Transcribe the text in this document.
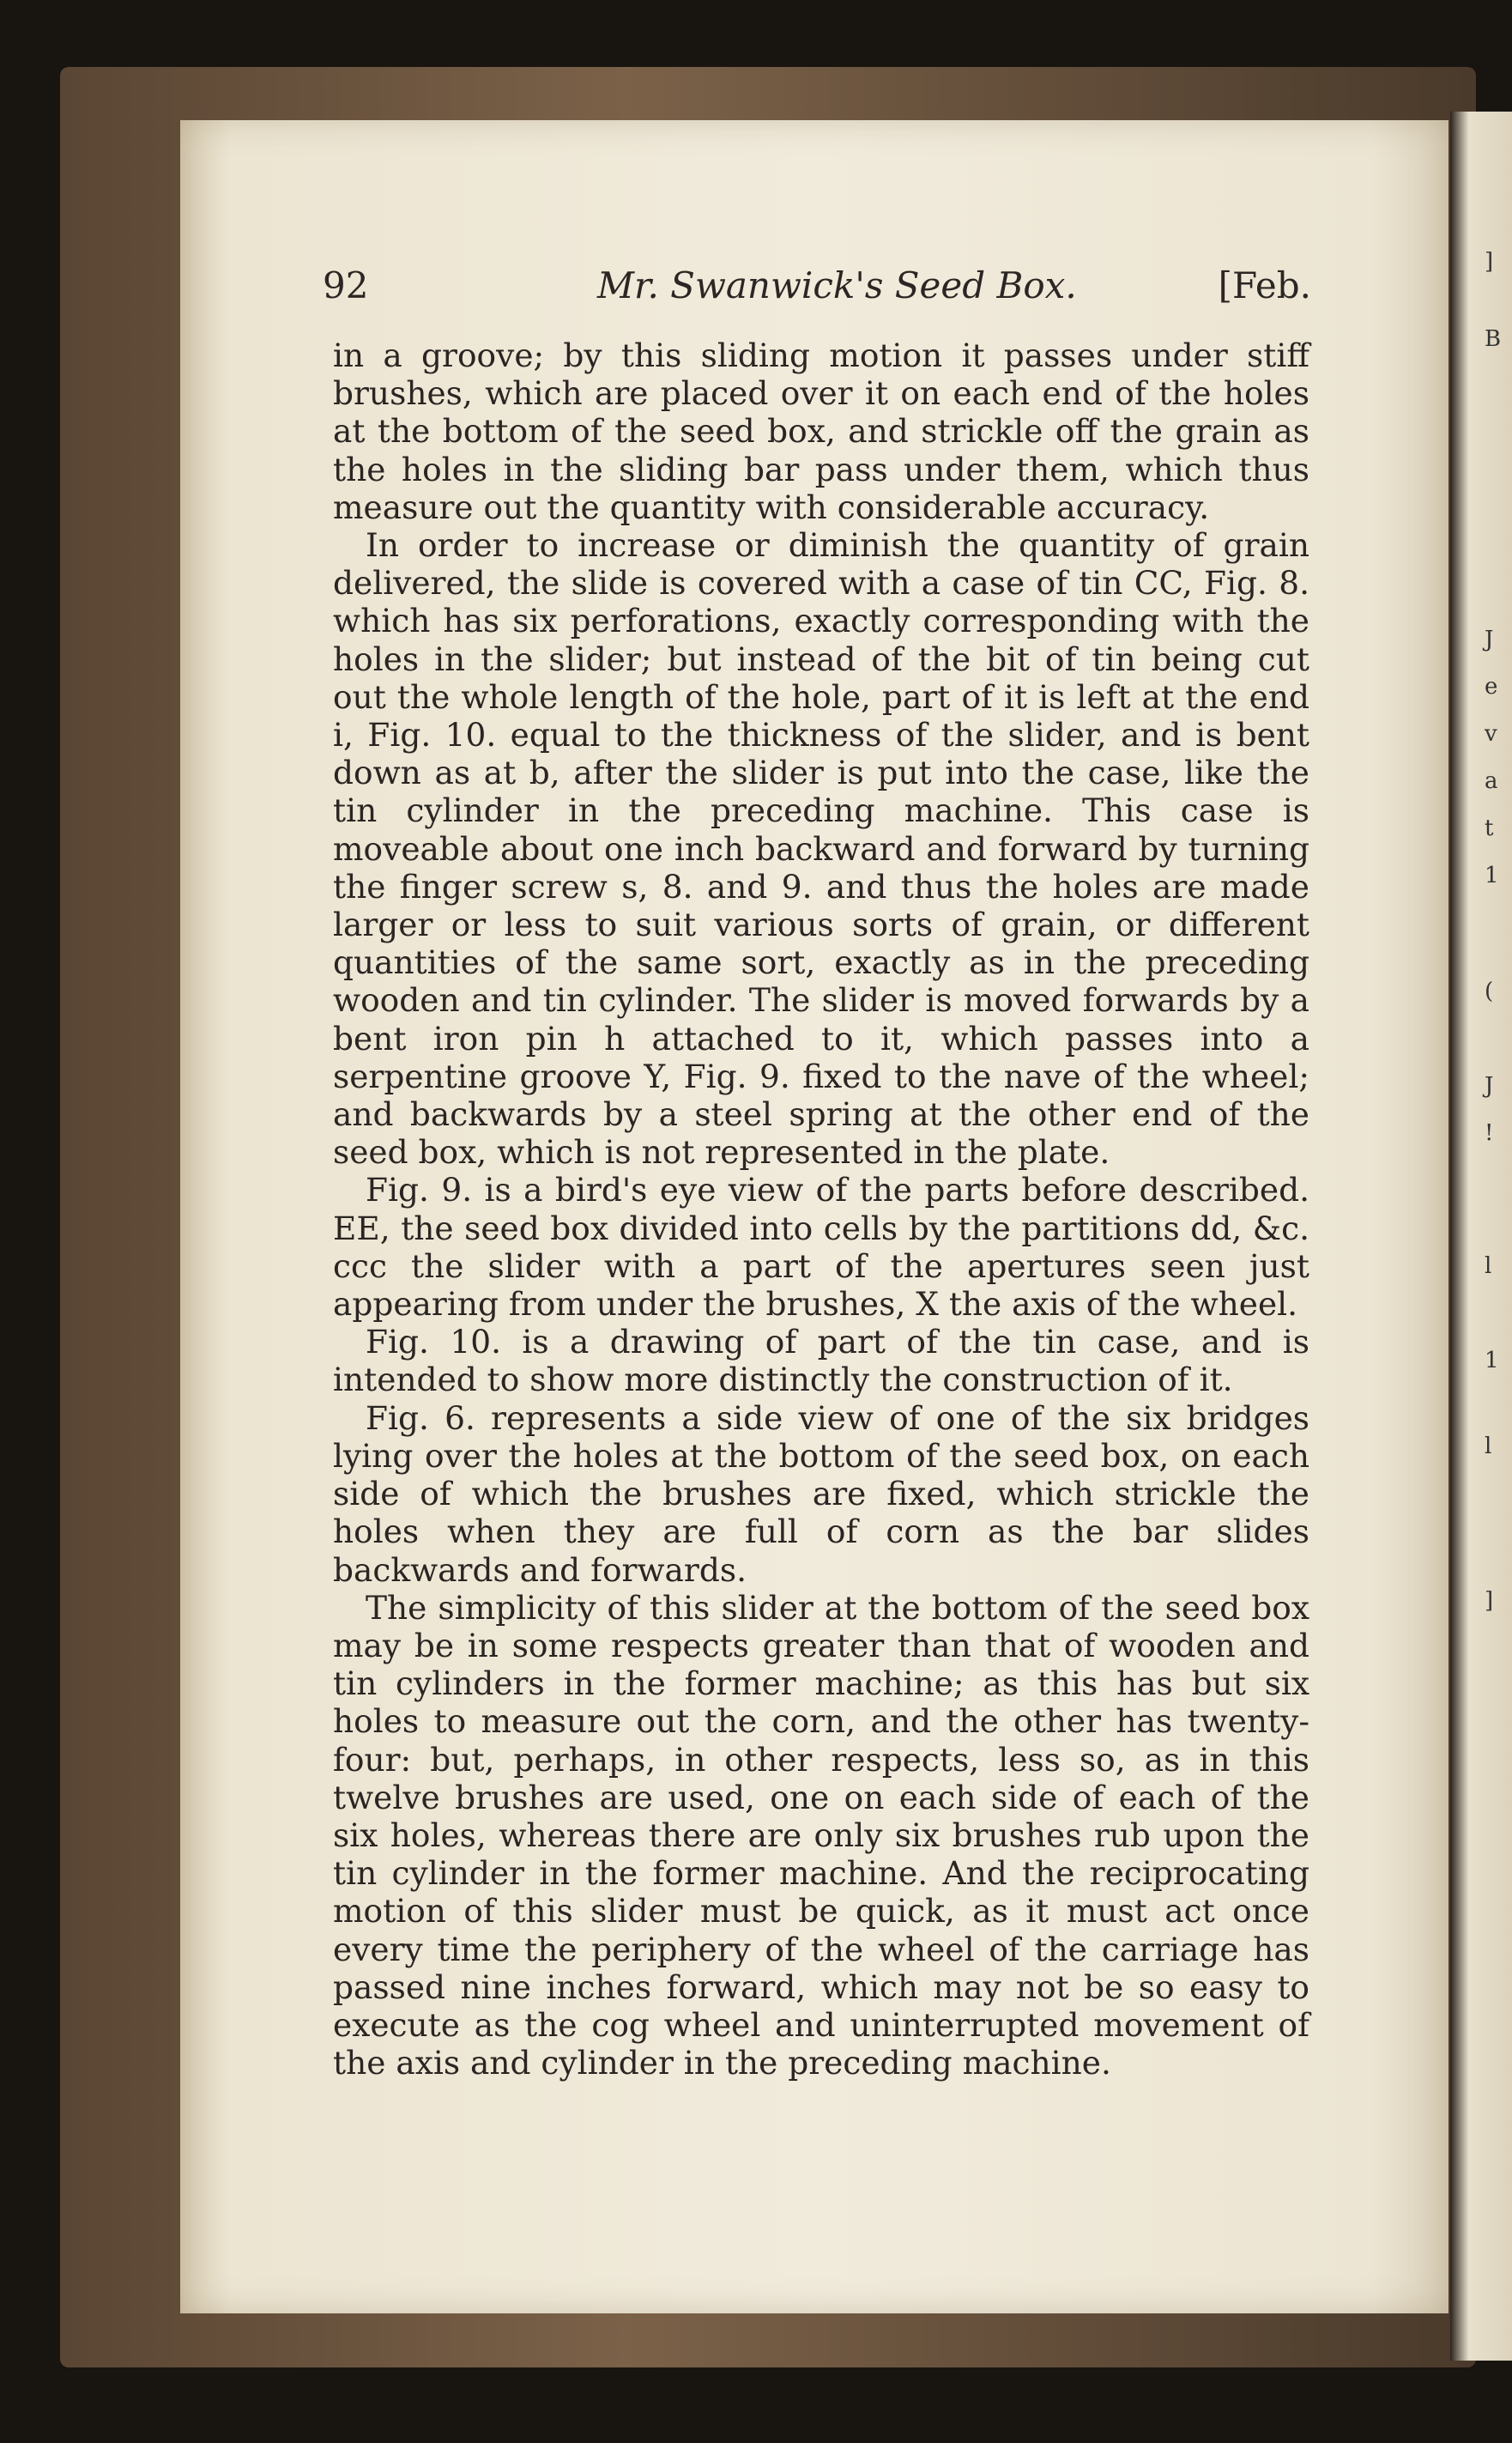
]
B
J
e
v
a
t
1
(
J
!
l
1
l
]
92	Mr. Swanwick's Seed Box.	[Feb.

in a groove; by this sliding motion it passes under stiff brushes, which are placed over it on each end of the holes at the bottom of the seed box, and strickle off the grain as the holes in the sliding bar pass under them, which thus measure out the quantity with considerable accuracy.

In order to increase or diminish the quantity of grain delivered, the slide is covered with a case of tin CC, Fig. 8. which has six perforations, exactly corresponding with the holes in the slider; but instead of the bit of tin being cut out the whole length of the hole, part of it is left at the end i, Fig. 10. equal to the thickness of the slider, and is bent down as at b, after the slider is put into the case, like the tin cylinder in the preceding machine. This case is moveable about one inch backward and forward by turning the finger screw s, 8. and 9. and thus the holes are made larger or less to suit various sorts of grain, or different quantities of the same sort, exactly as in the preceding wooden and tin cylinder. The slider is moved forwards by a bent iron pin h attached to it, which passes into a serpentine groove Y, Fig. 9. fixed to the nave of the wheel; and backwards by a steel spring at the other end of the seed box, which is not represented in the plate.

Fig. 9. is a bird's eye view of the parts before described. EE, the seed box divided into cells by the partitions dd, &c. ccc the slider with a part of the apertures seen just appearing from under the brushes, X the axis of the wheel.

Fig. 10. is a drawing of part of the tin case, and is intended to show more distinctly the construction of it.

Fig. 6. represents a side view of one of the six bridges lying over the holes at the bottom of the seed box, on each side of which the brushes are fixed, which strickle the holes when they are full of corn as the bar slides backwards and forwards.

The simplicity of this slider at the bottom of the seed box may be in some respects greater than that of wooden and tin cylinders in the former machine; as this has but six holes to measure out the corn, and the other has twenty-four: but, perhaps, in other respects, less so, as in this twelve brushes are used, one on each side of each of the six holes, whereas there are only six brushes rub upon the tin cylinder in the former machine. And the reciprocating motion of this slider must be quick, as it must act once every time the periphery of the wheel of the carriage has passed nine inches forward, which may not be so easy to execute as the cog wheel and uninterrupted movement of the axis and cylinder in the preceding machine.
